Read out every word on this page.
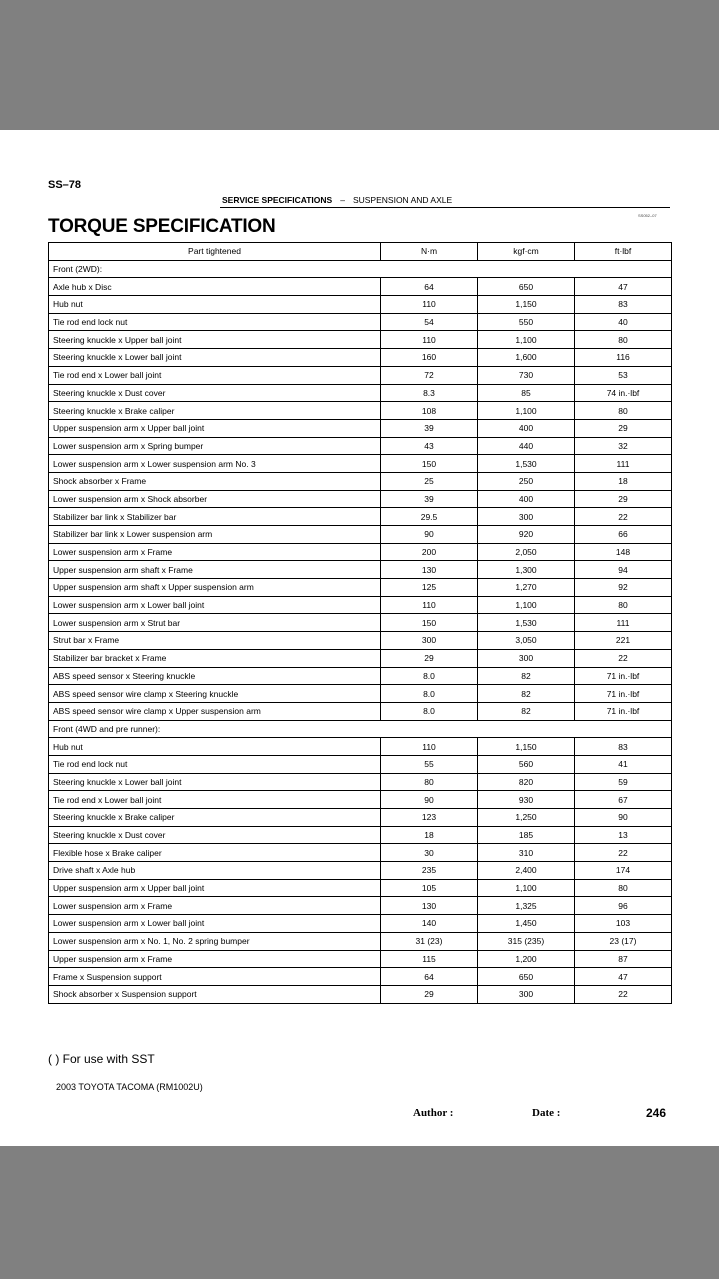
SS–78
SERVICE SPECIFICATIONS – SUSPENSION AND AXLE
SS052–07
TORQUE SPECIFICATION
Part tightened	N·m	kgf·cm	ft·lbf
Front (2WD):			
Axle hub x Disc	64	650	47
Hub nut	110	1,150	83
Tie rod end lock nut	54	550	40
Steering knuckle x Upper ball joint	110	1,100	80
Steering knuckle x Lower ball joint	160	1,600	116
Tie rod end x Lower ball joint	72	730	53
Steering knuckle x Dust cover	8.3	85	74 in.·lbf
Steering knuckle x Brake caliper	108	1,100	80
Upper suspension arm x Upper ball joint	39	400	29
Lower suspension arm x Spring bumper	43	440	32
Lower suspension arm x Lower suspension arm No. 3	150	1,530	111
Shock absorber x Frame	25	250	18
Lower suspension arm x Shock absorber	39	400	29
Stabilizer bar link x Stabilizer bar	29.5	300	22
Stabilizer bar link x Lower suspension arm	90	920	66
Lower suspension arm x Frame	200	2,050	148
Upper suspension arm shaft x Frame	130	1,300	94
Upper suspension arm shaft x Upper suspension arm	125	1,270	92
Lower suspension arm x Lower ball joint	110	1,100	80
Lower suspension arm x Strut bar	150	1,530	111
Strut bar x Frame	300	3,050	221
Stabilizer bar bracket x Frame	29	300	22
ABS speed sensor x Steering knuckle	8.0	82	71 in.·lbf
ABS speed sensor wire clamp x Steering knuckle	8.0	82	71 in.·lbf
ABS speed sensor wire clamp x Upper suspension arm	8.0	82	71 in.·lbf
Front (4WD and pre runner):			
Hub nut	110	1,150	83
Tie rod end lock nut	55	560	41
Steering knuckle x Lower ball joint	80	820	59
Tie rod end x Lower ball joint	90	930	67
Steering knuckle x Brake caliper	123	1,250	90
Steering knuckle x Dust cover	18	185	13
Flexible hose x Brake caliper	30	310	22
Drive shaft x Axle hub	235	2,400	174
Upper suspension arm x Upper ball joint	105	1,100	80
Lower suspension arm x Frame	130	1,325	96
Lower suspension arm x Lower ball joint	140	1,450	103
Lower suspension arm x No. 1, No. 2 spring bumper	31 (23)	315 (235)	23 (17)
Upper suspension arm x Frame	115	1,200	87
Frame x Suspension support	64	650	47
Shock absorber x Suspension support	29	300	22
( ) For use with SST
2003 TOYOTA TACOMA (RM1002U)
Author :	Date :	246
